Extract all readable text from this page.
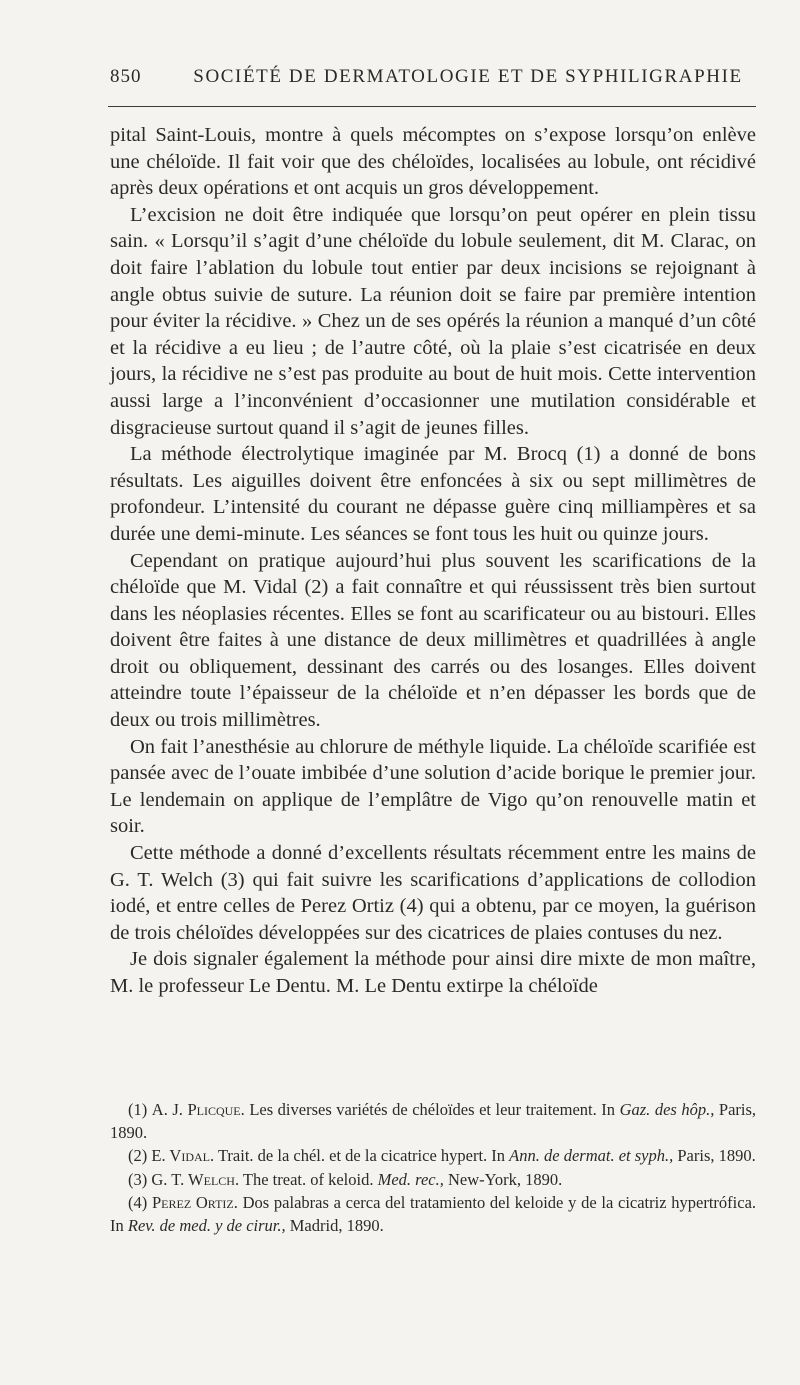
850	SOCIÉTÉ DE DERMATOLOGIE ET DE SYPHILIGRAPHIE

pital Saint-Louis, montre à quels mécomptes on s’expose lorsqu’on enlève une chéloïde. Il fait voir que des chéloïdes, localisées au lobule, ont récidivé après deux opérations et ont acquis un gros développement.

L’excision ne doit être indiquée que lorsqu’on peut opérer en plein tissu sain. « Lorsqu’il s’agit d’une chéloïde du lobule seulement, dit M. Clarac, on doit faire l’ablation du lobule tout entier par deux incisions se rejoignant à angle obtus suivie de suture. La réunion doit se faire par première intention pour éviter la récidive. » Chez un de ses opérés la réunion a manqué d’un côté et la récidive a eu lieu ; de l’autre côté, où la plaie s’est cicatrisée en deux jours, la récidive ne s’est pas produite au bout de huit mois. Cette intervention aussi large a l’inconvénient d’occasionner une mutilation considérable et disgracieuse surtout quand il s’agit de jeunes filles.

La méthode électrolytique imaginée par M. Brocq (1) a donné de bons résultats. Les aiguilles doivent être enfoncées à six ou sept millimètres de profondeur. L’intensité du courant ne dépasse guère cinq milliampères et sa durée une demi-minute. Les séances se font tous les huit ou quinze jours.

Cependant on pratique aujourd’hui plus souvent les scarifications de la chéloïde que M. Vidal (2) a fait connaître et qui réussissent très bien surtout dans les néoplasies récentes. Elles se font au scarificateur ou au bistouri. Elles doivent être faites à une distance de deux millimètres et quadrillées à angle droit ou obliquement, dessinant des carrés ou des losanges. Elles doivent atteindre toute l’épaisseur de la chéloïde et n’en dépasser les bords que de deux ou trois millimètres.

On fait l’anesthésie au chlorure de méthyle liquide. La chéloïde scarifiée est pansée avec de l’ouate imbibée d’une solution d’acide borique le premier jour. Le lendemain on applique de l’emplâtre de Vigo qu’on renouvelle matin et soir.

Cette méthode a donné d’excellents résultats récemment entre les mains de G. T. Welch (3) qui fait suivre les scarifications d’applications de collodion iodé, et entre celles de Perez Ortiz (4) qui a obtenu, par ce moyen, la guérison de trois chéloïdes développées sur des cicatrices de plaies contuses du nez.

Je dois signaler également la méthode pour ainsi dire mixte de mon maître, M. le professeur Le Dentu. M. Le Dentu extirpe la chéloïde

(1) A. J. Plicque. Les diverses variétés de chéloïdes et leur traitement. In Gaz. des hôp., Paris, 1890.

(2) E. Vidal. Trait. de la chél. et de la cicatrice hypert. In Ann. de dermat. et syph., Paris, 1890.

(3) G. T. Welch. The treat. of keloid. Med. rec., New-York, 1890.

(4) Perez Ortiz. Dos palabras a cerca del tratamiento del keloide y de la cicatriz hypertrófica. In Rev. de med. y de cirur., Madrid, 1890.
